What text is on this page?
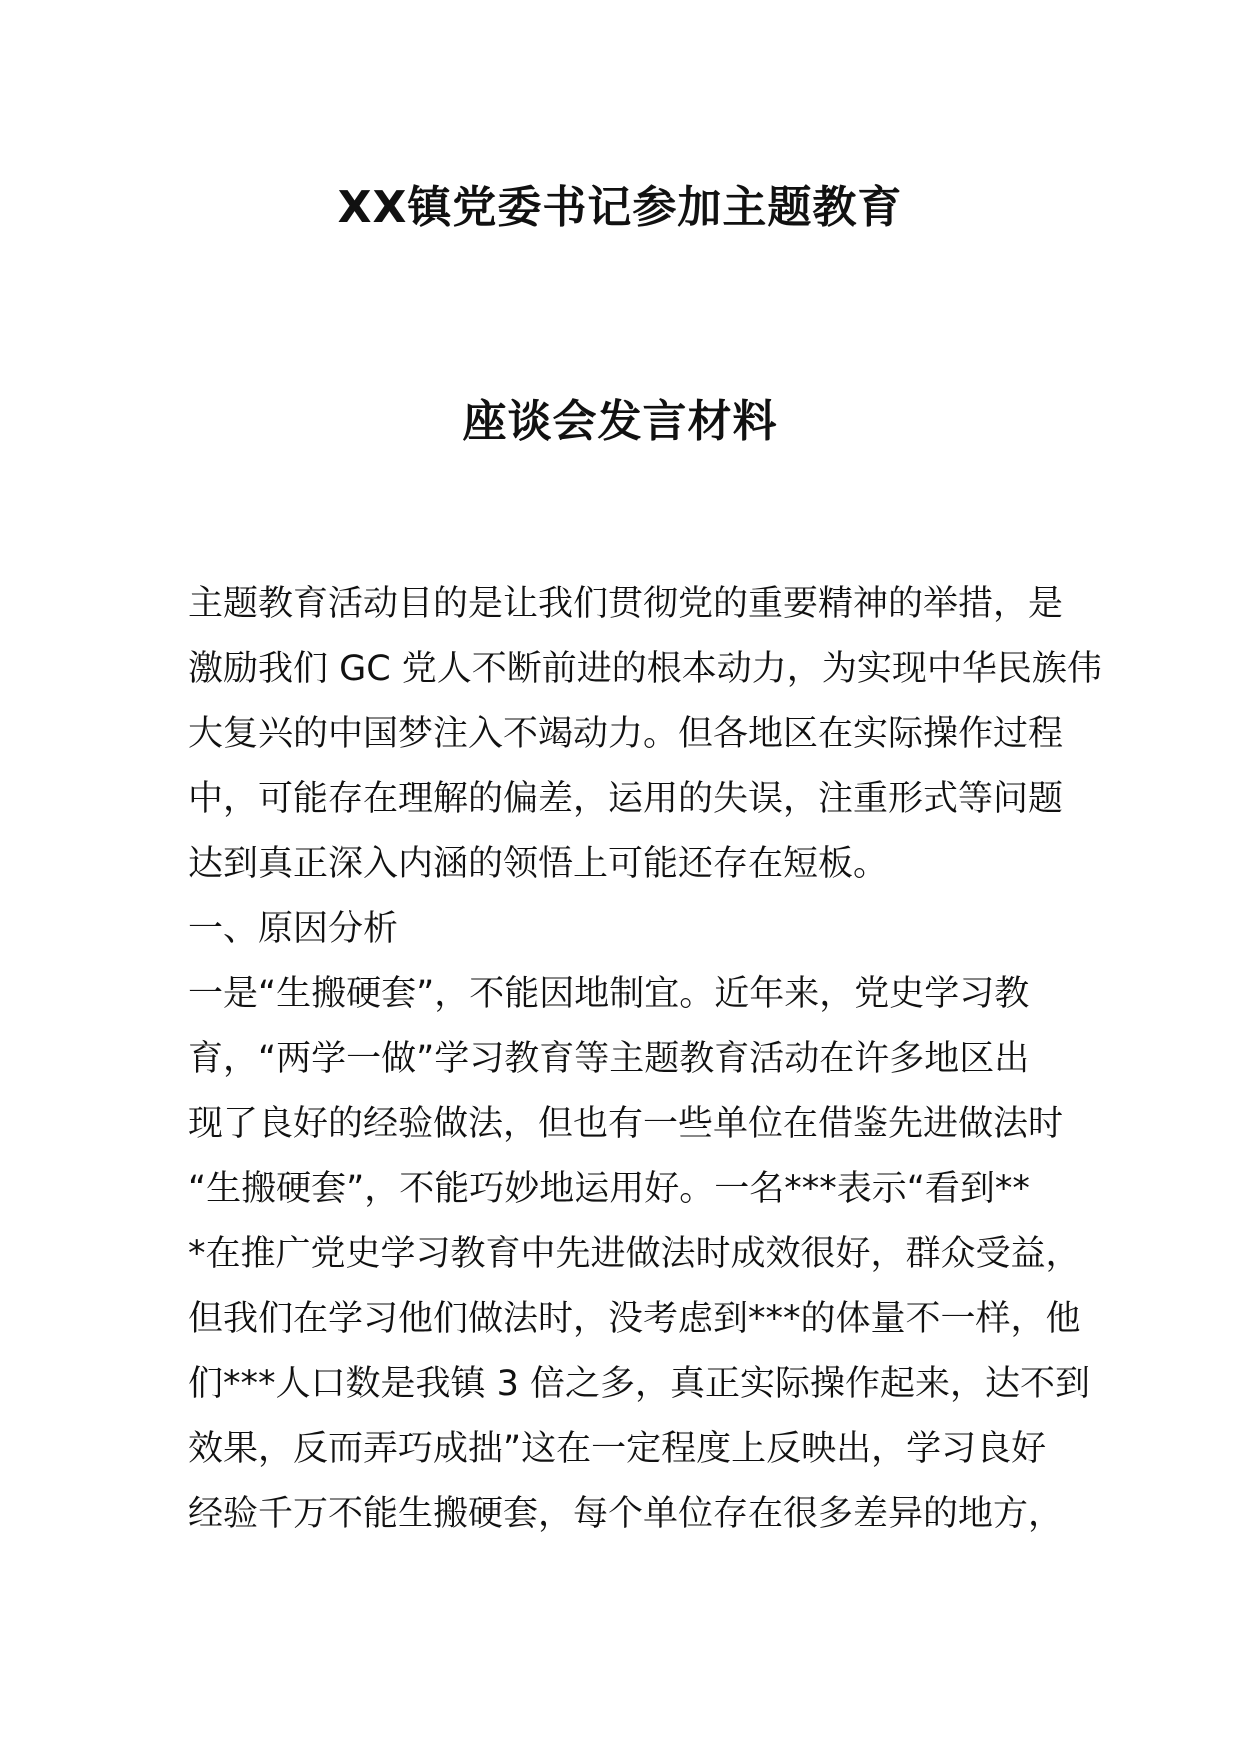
XX镇党委书记参加主题教育
座谈会发言材料
主题教育活动目的是让我们贯彻党的重要精神的举措，是
激励我们 GC 党人不断前进的根本动力，为实现中华民族伟
大复兴的中国梦注入不竭动力。但各地区在实际操作过程
中，可能存在理解的偏差，运用的失误，注重形式等问题
达到真正深入内涵的领悟上可能还存在短板。
一、原因分析
一是“生搬硬套”，不能因地制宜。近年来，党史学习教
育，“两学一做”学习教育等主题教育活动在许多地区出
现了良好的经验做法，但也有一些单位在借鉴先进做法时
“生搬硬套”，不能巧妙地运用好。一名***表示“看到**
*在推广党史学习教育中先进做法时成效很好，群众受益，
但我们在学习他们做法时，没考虑到***的体量不一样，他
们***人口数是我镇 3 倍之多，真正实际操作起来，达不到
效果，反而弄巧成拙”这在一定程度上反映出，学习良好
经验千万不能生搬硬套，每个单位存在很多差异的地方，
